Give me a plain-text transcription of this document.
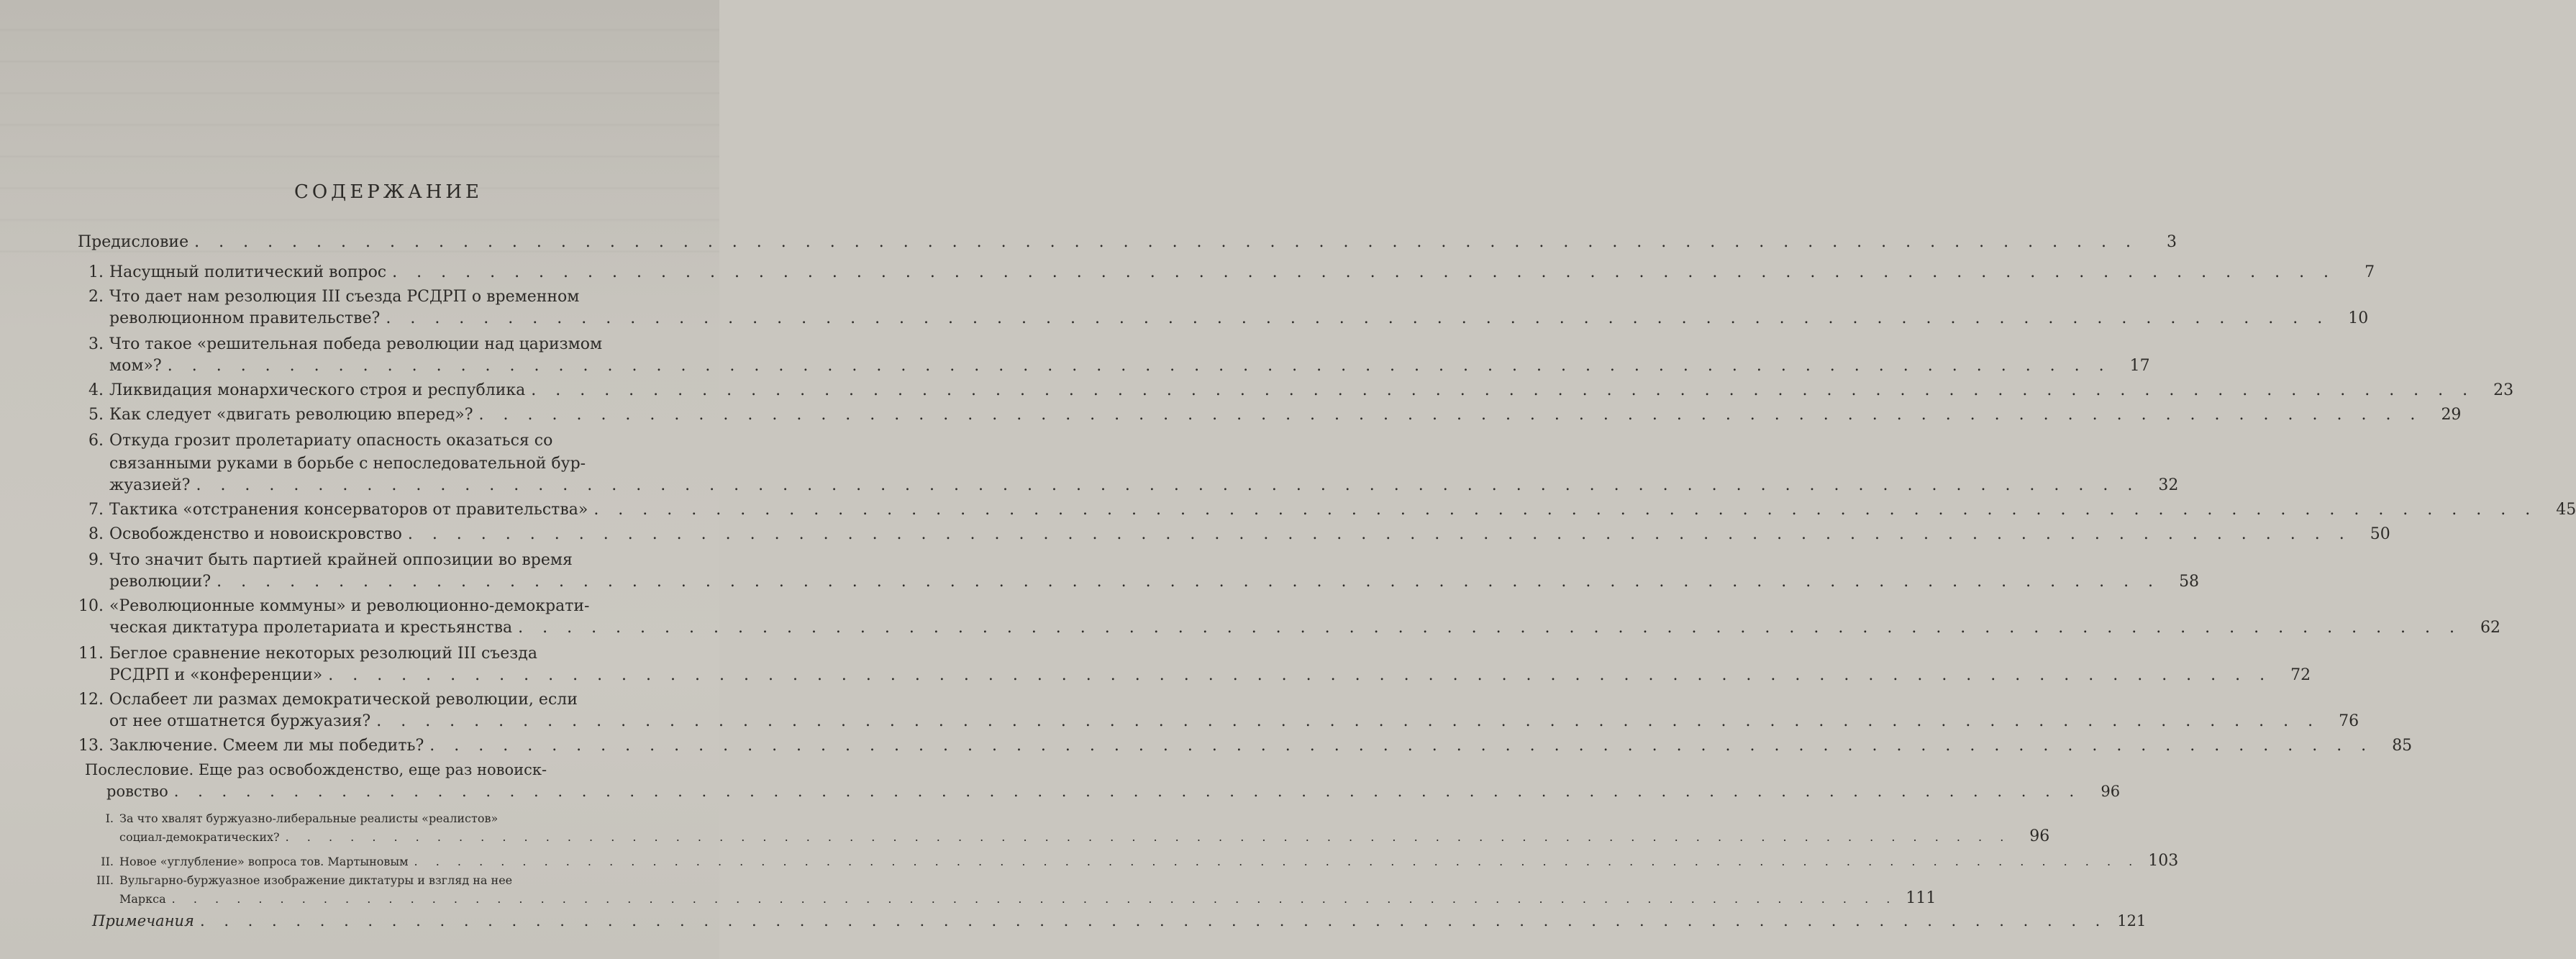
СОДЕРЖАНИЕ
Предисловие . . . . . . . . . . . . . . . . . . . . . . . . . . . . . . . . . . . . . . . . . . . . . . . . . . . . . . . . . . . . . . . . . . . . . . . . . . . . . . . .	3
1. Насущный политический вопрос . . . . . . . . . . . . . . . . . . . . . . . . . . . . . . . . . . . . . . . . . . . . . . . . . . . . . . . . . . . . . . . . . . . . . . . . . . . . . . . .	7
2. Что дает нам резолюция III съезда РСДРП о временном
революционном правительстве? . . . . . . . . . . . . . . . . . . . . . . . . . . . . . . . . . . . . . . . . . . . . . . . . . . . . . . . . . . . . . . . . . . . . . . . . . . . . . . . .	10
3. Что такое «решительная победа революции над царизмом
мом»? . . . . . . . . . . . . . . . . . . . . . . . . . . . . . . . . . . . . . . . . . . . . . . . . . . . . . . . . . . . . . . . . . . . . . . . . . . . . . . . .	17
4. Ликвидация монархического строя и республика . . . . . . . . . . . . . . . . . . . . . . . . . . . . . . . . . . . . . . . . . . . . . . . . . . . . . . . . . . . . . . . . . . . . . . . . . . . . . . . .	23
5. Как следует «двигать революцию вперед»? . . . . . . . . . . . . . . . . . . . . . . . . . . . . . . . . . . . . . . . . . . . . . . . . . . . . . . . . . . . . . . . . . . . . . . . . . . . . . . . .	29
6. Откуда грозит пролетариату опасность оказаться со
связанными руками в борьбе с непоследовательной бур-
жуазией? . . . . . . . . . . . . . . . . . . . . . . . . . . . . . . . . . . . . . . . . . . . . . . . . . . . . . . . . . . . . . . . . . . . . . . . . . . . . . . . .	32
7. Тактика «отстранения консерваторов от правительства» . . . . . . . . . . . . . . . . . . . . . . . . . . . . . . . . . . . . . . . . . . . . . . . . . . . . . . . . . . . . . . . . . . . . . . . . . . . . . . . .	45
8. Освобожденство и новоискровство . . . . . . . . . . . . . . . . . . . . . . . . . . . . . . . . . . . . . . . . . . . . . . . . . . . . . . . . . . . . . . . . . . . . . . . . . . . . . . . .	50
9. Что значит быть партией крайней оппозиции во время
революции? . . . . . . . . . . . . . . . . . . . . . . . . . . . . . . . . . . . . . . . . . . . . . . . . . . . . . . . . . . . . . . . . . . . . . . . . . . . . . . . .	58
10. «Революционные коммуны» и революционно-демократи-
ческая диктатура пролетариата и крестьянства . . . . . . . . . . . . . . . . . . . . . . . . . . . . . . . . . . . . . . . . . . . . . . . . . . . . . . . . . . . . . . . . . . . . . . . . . . . . . . . .	62
11. Беглое сравнение некоторых резолюций III съезда
РСДРП и «конференции» . . . . . . . . . . . . . . . . . . . . . . . . . . . . . . . . . . . . . . . . . . . . . . . . . . . . . . . . . . . . . . . . . . . . . . . . . . . . . . . .	72
12. Ослабеет ли размах демократической революции, если
от нее отшатнется буржуазия? . . . . . . . . . . . . . . . . . . . . . . . . . . . . . . . . . . . . . . . . . . . . . . . . . . . . . . . . . . . . . . . . . . . . . . . . . . . . . . . .	76
13. Заключение. Смеем ли мы победить? . . . . . . . . . . . . . . . . . . . . . . . . . . . . . . . . . . . . . . . . . . . . . . . . . . . . . . . . . . . . . . . . . . . . . . . . . . . . . . . .	85
Послесловие. Еще раз освобожденство, еще раз новоиск-
ровство . . . . . . . . . . . . . . . . . . . . . . . . . . . . . . . . . . . . . . . . . . . . . . . . . . . . . . . . . . . . . . . . . . . . . . . . . . . . . . . .	96
I. За что хвалят буржуазно-либеральные реалисты «реалистов»
социал-демократических? . . . . . . . . . . . . . . . . . . . . . . . . . . . . . . . . . . . . . . . . . . . . . . . . . . . . . . . . . . . . . . . . . . . . . . . . . . . . . . . .	96
II. Новое «углубление» вопроса тов. Мартыновым . . . . . . . . . . . . . . . . . . . . . . . . . . . . . . . . . . . . . . . . . . . . . . . . . . . . . . . . . . . . . . . . . . . . . . . . . . . . . . . . 103
III. Вульгарно-буржуазное изображение диктатуры и взгляд на нее
Маркса . . . . . . . . . . . . . . . . . . . . . . . . . . . . . . . . . . . . . . . . . . . . . . . . . . . . . . . . . . . . . . . . . . . . . . . . . . . . . . . . 111
Примечания . . . . . . . . . . . . . . . . . . . . . . . . . . . . . . . . . . . . . . . . . . . . . . . . . . . . . . . . . . . . . . . . . . . . . . . . . . . . . . . . 121
